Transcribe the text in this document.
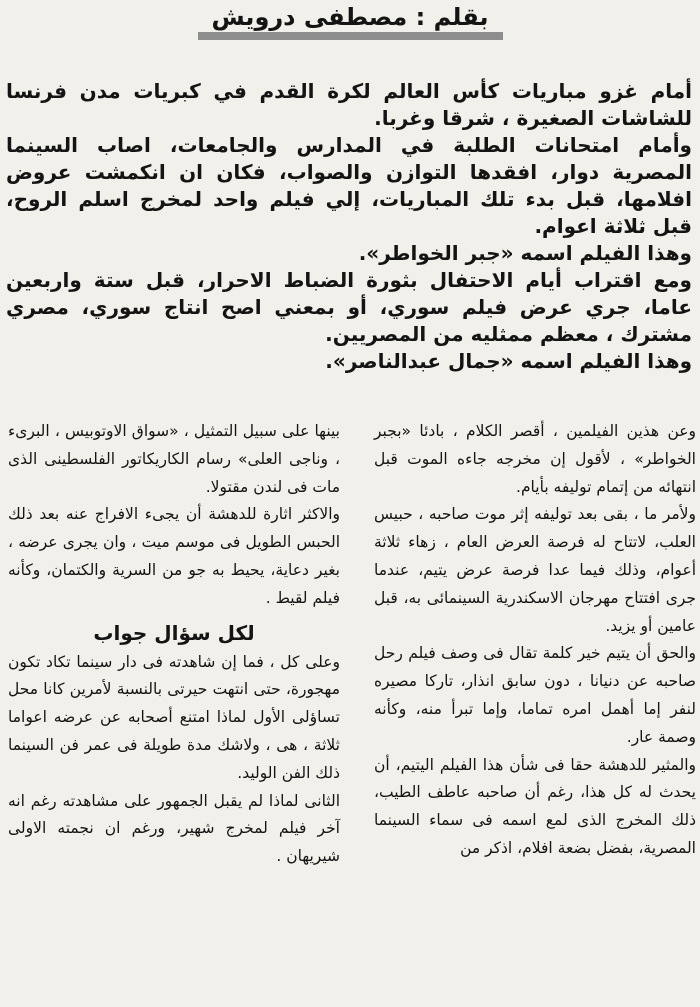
بقلم : مصطفى درويش

أمام غزو مباريات كأس العالم لكرة القدم في كبريات مدن فرنسا للشاشات الصغيرة ، شرقا وغربا.

وأمام امتحانات الطلبة في المدارس والجامعات، اصاب السينما المصرية دوار، افقدها التوازن والصواب، فكان ان انكمشت عروض افلامها، قبل بدء تلك المباريات، إلي فيلم واحد لمخرج اسلم الروح، قبل ثلاثة اعوام.

وهذا الفيلم اسمه «جبر الخواطر».

ومع اقتراب أيام الاحتفال بثورة الضباط الاحرار، قبل ستة واربعين عاما، جري عرض فيلم سوري، أو بمعني اصح انتاج سوري، مصري مشترك ، معظم ممثليه من المصريين.

وهذا الفيلم اسمه «جمال عبدالناصر».

وعن هذين الفيلمين ، أقصر الكلام ، بادئا «بجبر الخواطر» ، لأقول إن مخرجه جاءه الموت قبل انتهائه من إتمام توليفه بأيام.

ولأمر ما ، بقى بعد توليفه إثر موت صاحبه ، حبيس العلب، لاتتاح له فرصة العرض العام ، زهاء ثلاثة أعوام، وذلك فيما عدا فرصة عرض يتيم، عندما جرى افتتاح مهرجان الاسكندرية السينمائى به، قبل عامين أو يزيد.

والحق أن يتيم خير كلمة تقال فى وصف فيلم رحل صاحبه عن دنيانا ، دون سابق انذار، تاركا مصيره لنفر إما أهمل امره تماما، وإما تبرأ منه، وكأنه وصمة عار.

والمثير للدهشة حقا فى شأن هذا الفيلم اليتيم، أن يحدث له كل هذا، رغم أن صاحبه عاطف الطيب، ذلك المخرج الذى لمع اسمه فى سماء السينما المصرية، بفضل بضعة افلام، اذكر من

بينها على سبيل التمثيل ، «سواق الاوتوبيس ، البرىء ، وناجى العلى» رسام الكاريكاتور الفلسطينى الذى مات فى لندن مقتولا.

والاكثر اثارة للدهشة أن يجىء الافراج عنه بعد ذلك الحبس الطويل فى موسم ميت ، وان يجرى عرضه ، بغير دعاية، يحيط به جو من السرية والكتمان، وكأنه فيلم لقيط .

لكل سؤال جواب

وعلى كل ، فما إن شاهدته فى دار سينما تكاد تكون مهجورة، حتى انتهت حيرتى بالنسبة لأمرين كانا محل تساؤلى الأول لماذا امتنع أصحابه عن عرضه اعواما ثلاثة ، هى ، ولاشك مدة طويلة فى عمر فن السينما ذلك الفن الوليد.

الثانى لماذا لم يقبل الجمهور على مشاهدته رغم انه آخر فيلم لمخرج شهير، ورغم ان نجمته الاولى شيريهان .
